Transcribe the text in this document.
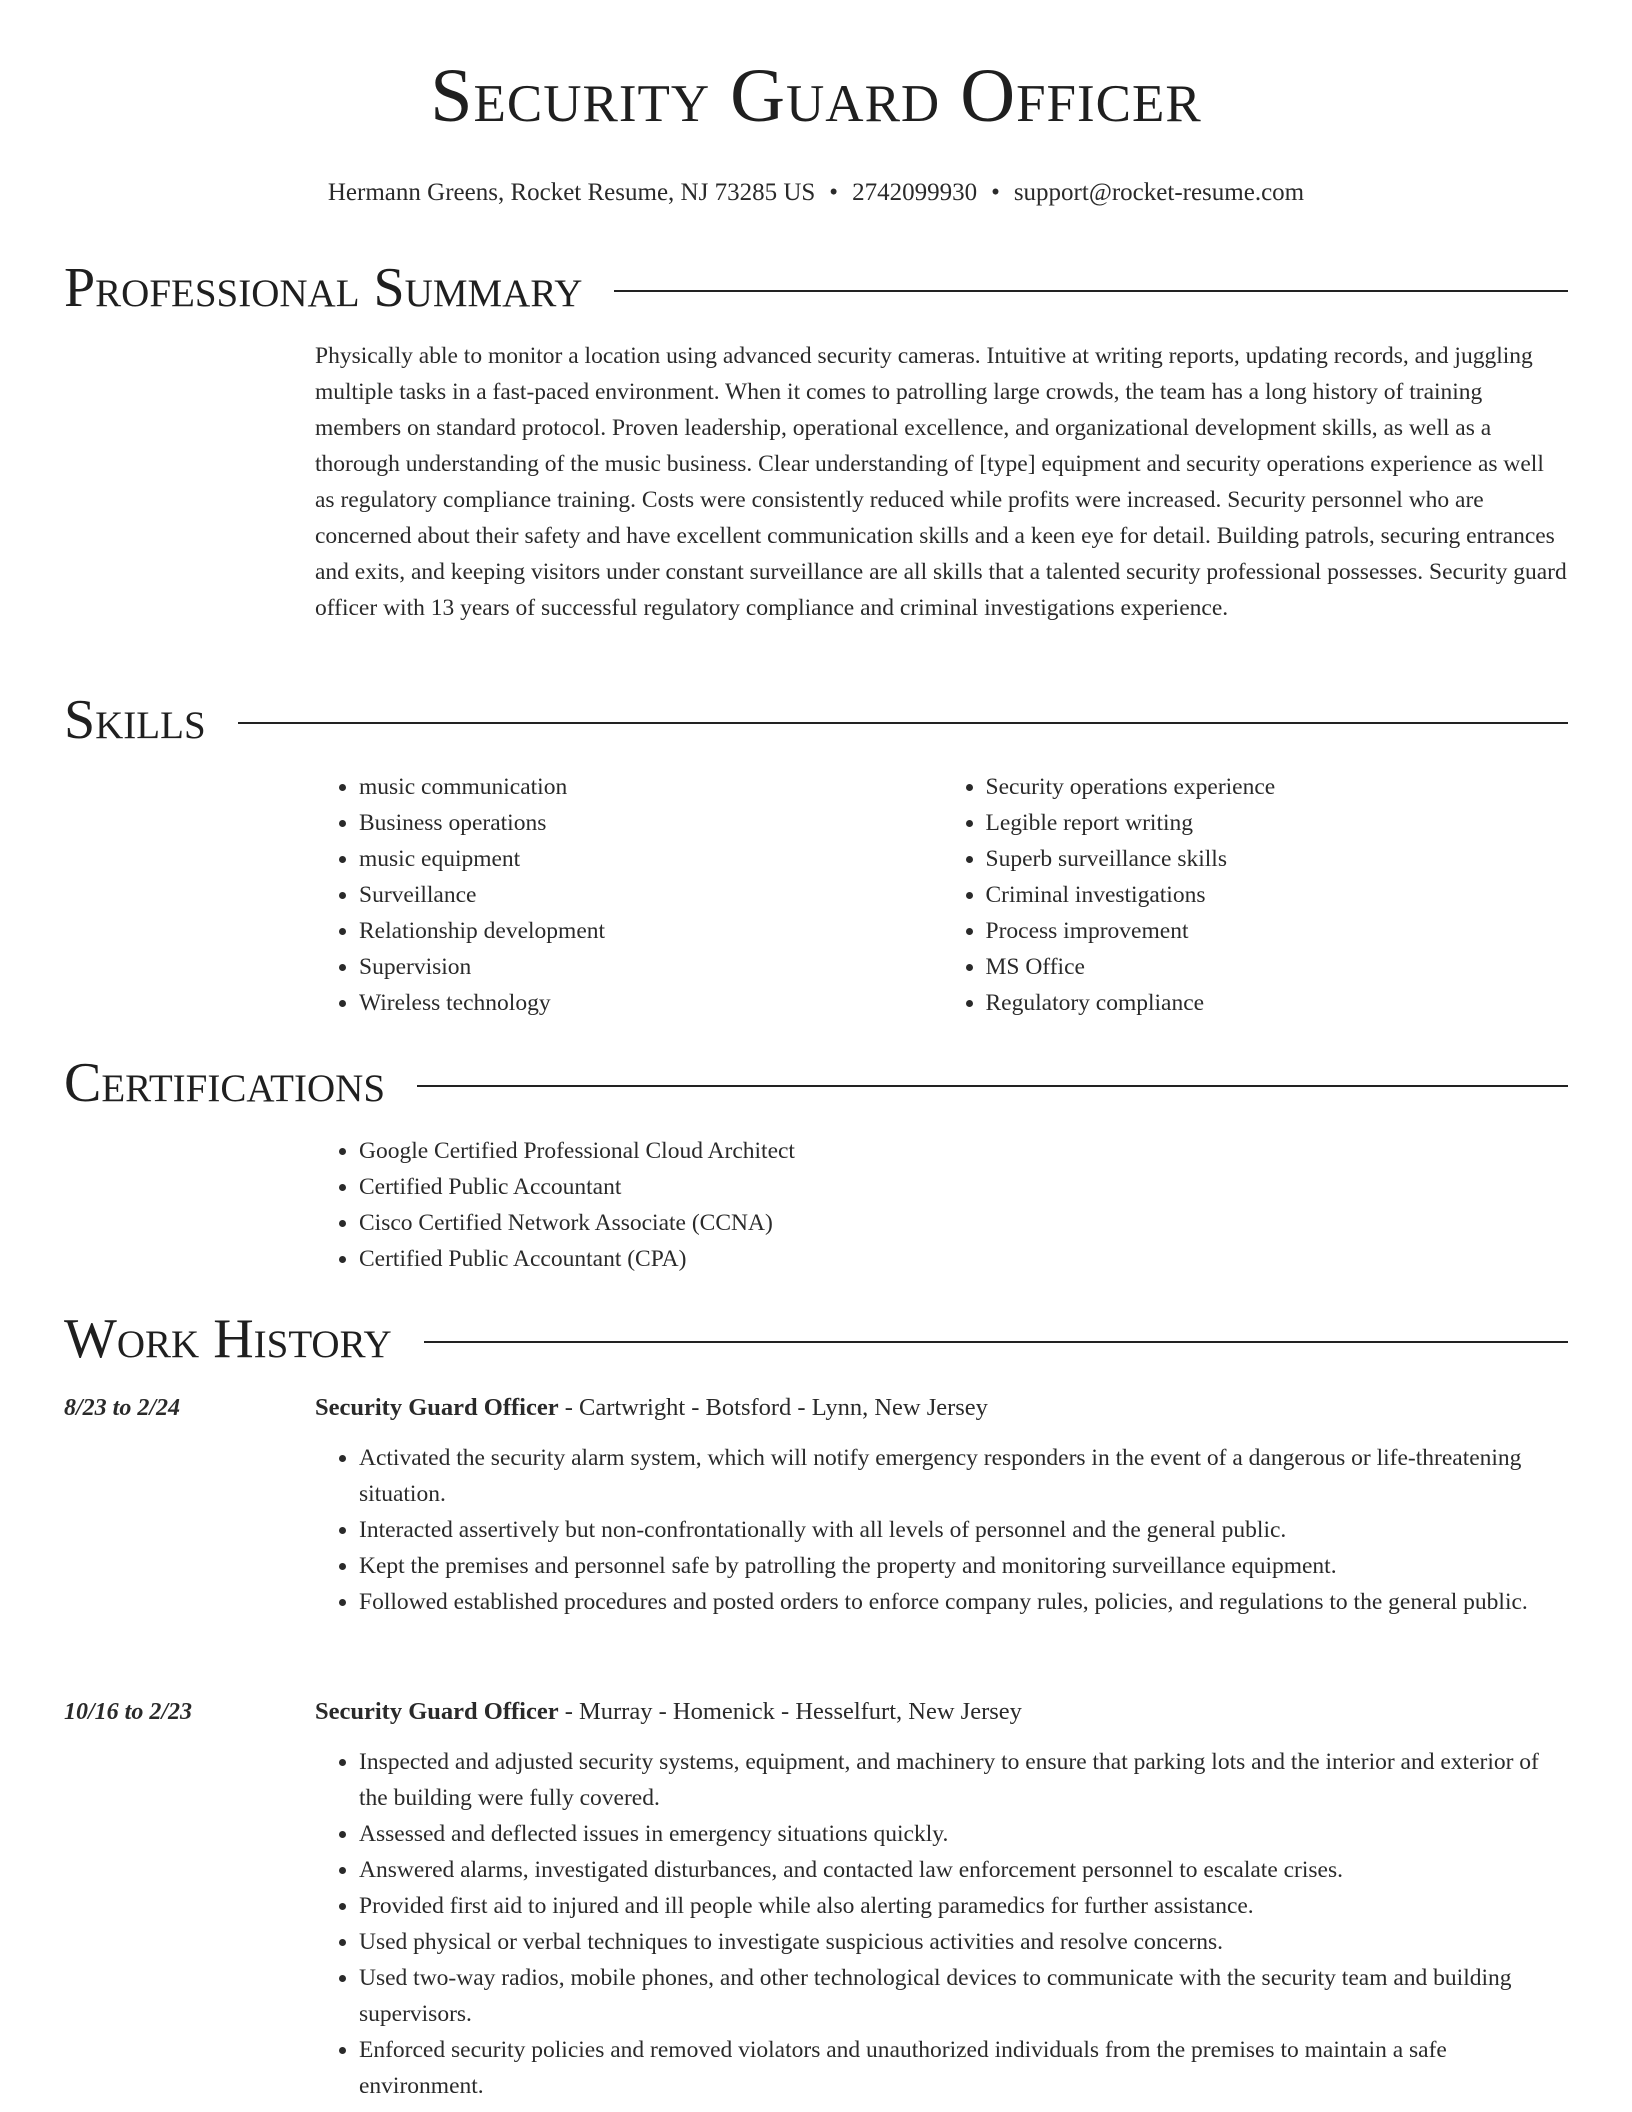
Security Guard Officer
Hermann Greens, Rocket Resume, NJ 73285 US • 2742099930 • support@rocket-resume.com
Professional Summary

Physically able to monitor a location using advanced security cameras. Intuitive at writing reports, updating records, and juggling multiple tasks in a fast-paced environment. When it comes to patrolling large crowds, the team has a long history of training members on standard protocol. Proven leadership, operational excellence, and organizational development skills, as well as a thorough understanding of the music business. Clear understanding of [type] equipment and security operations experience as well as regulatory compliance training. Costs were consistently reduced while profits were increased. Security personnel who are concerned about their safety and have excellent communication skills and a keen eye for detail. Building patrols, securing entrances and exits, and keeping visitors under constant surveillance are all skills that a talented security professional possesses. Security guard officer with 13 years of successful regulatory compliance and criminal investigations experience.

Skills
• music communication
• Business operations
• music equipment
• Surveillance
• Relationship development
• Supervision
• Wireless technology
• Security operations experience
• Legible report writing
• Superb surveillance skills
• Criminal investigations
• Process improvement
• MS Office
• Regulatory compliance
Certifications
• Google Certified Professional Cloud Architect
• Certified Public Accountant
• Cisco Certified Network Associate (CCNA)
• Certified Public Accountant (CPA)
Work History
8/23 to 2/24	Security Guard Officer - Cartwright - Botsford - Lynn, New Jersey
• Activated the security alarm system, which will notify emergency responders in the event of a dangerous or life-threatening situation.
• Interacted assertively but non-confrontationally with all levels of personnel and the general public.
• Kept the premises and personnel safe by patrolling the property and monitoring surveillance equipment.
• Followed established procedures and posted orders to enforce company rules, policies, and regulations to the general public.
10/16 to 2/23	Security Guard Officer - Murray - Homenick - Hesselfurt, New Jersey
• Inspected and adjusted security systems, equipment, and machinery to ensure that parking lots and the interior and exterior of the building were fully covered.
• Assessed and deflected issues in emergency situations quickly.
• Answered alarms, investigated disturbances, and contacted law enforcement personnel to escalate crises.
• Provided first aid to injured and ill people while also alerting paramedics for further assistance.
• Used physical or verbal techniques to investigate suspicious activities and resolve concerns.
• Used two-way radios, mobile phones, and other technological devices to communicate with the security team and building supervisors.
• Enforced security policies and removed violators and unauthorized individuals from the premises to maintain a safe environment.
